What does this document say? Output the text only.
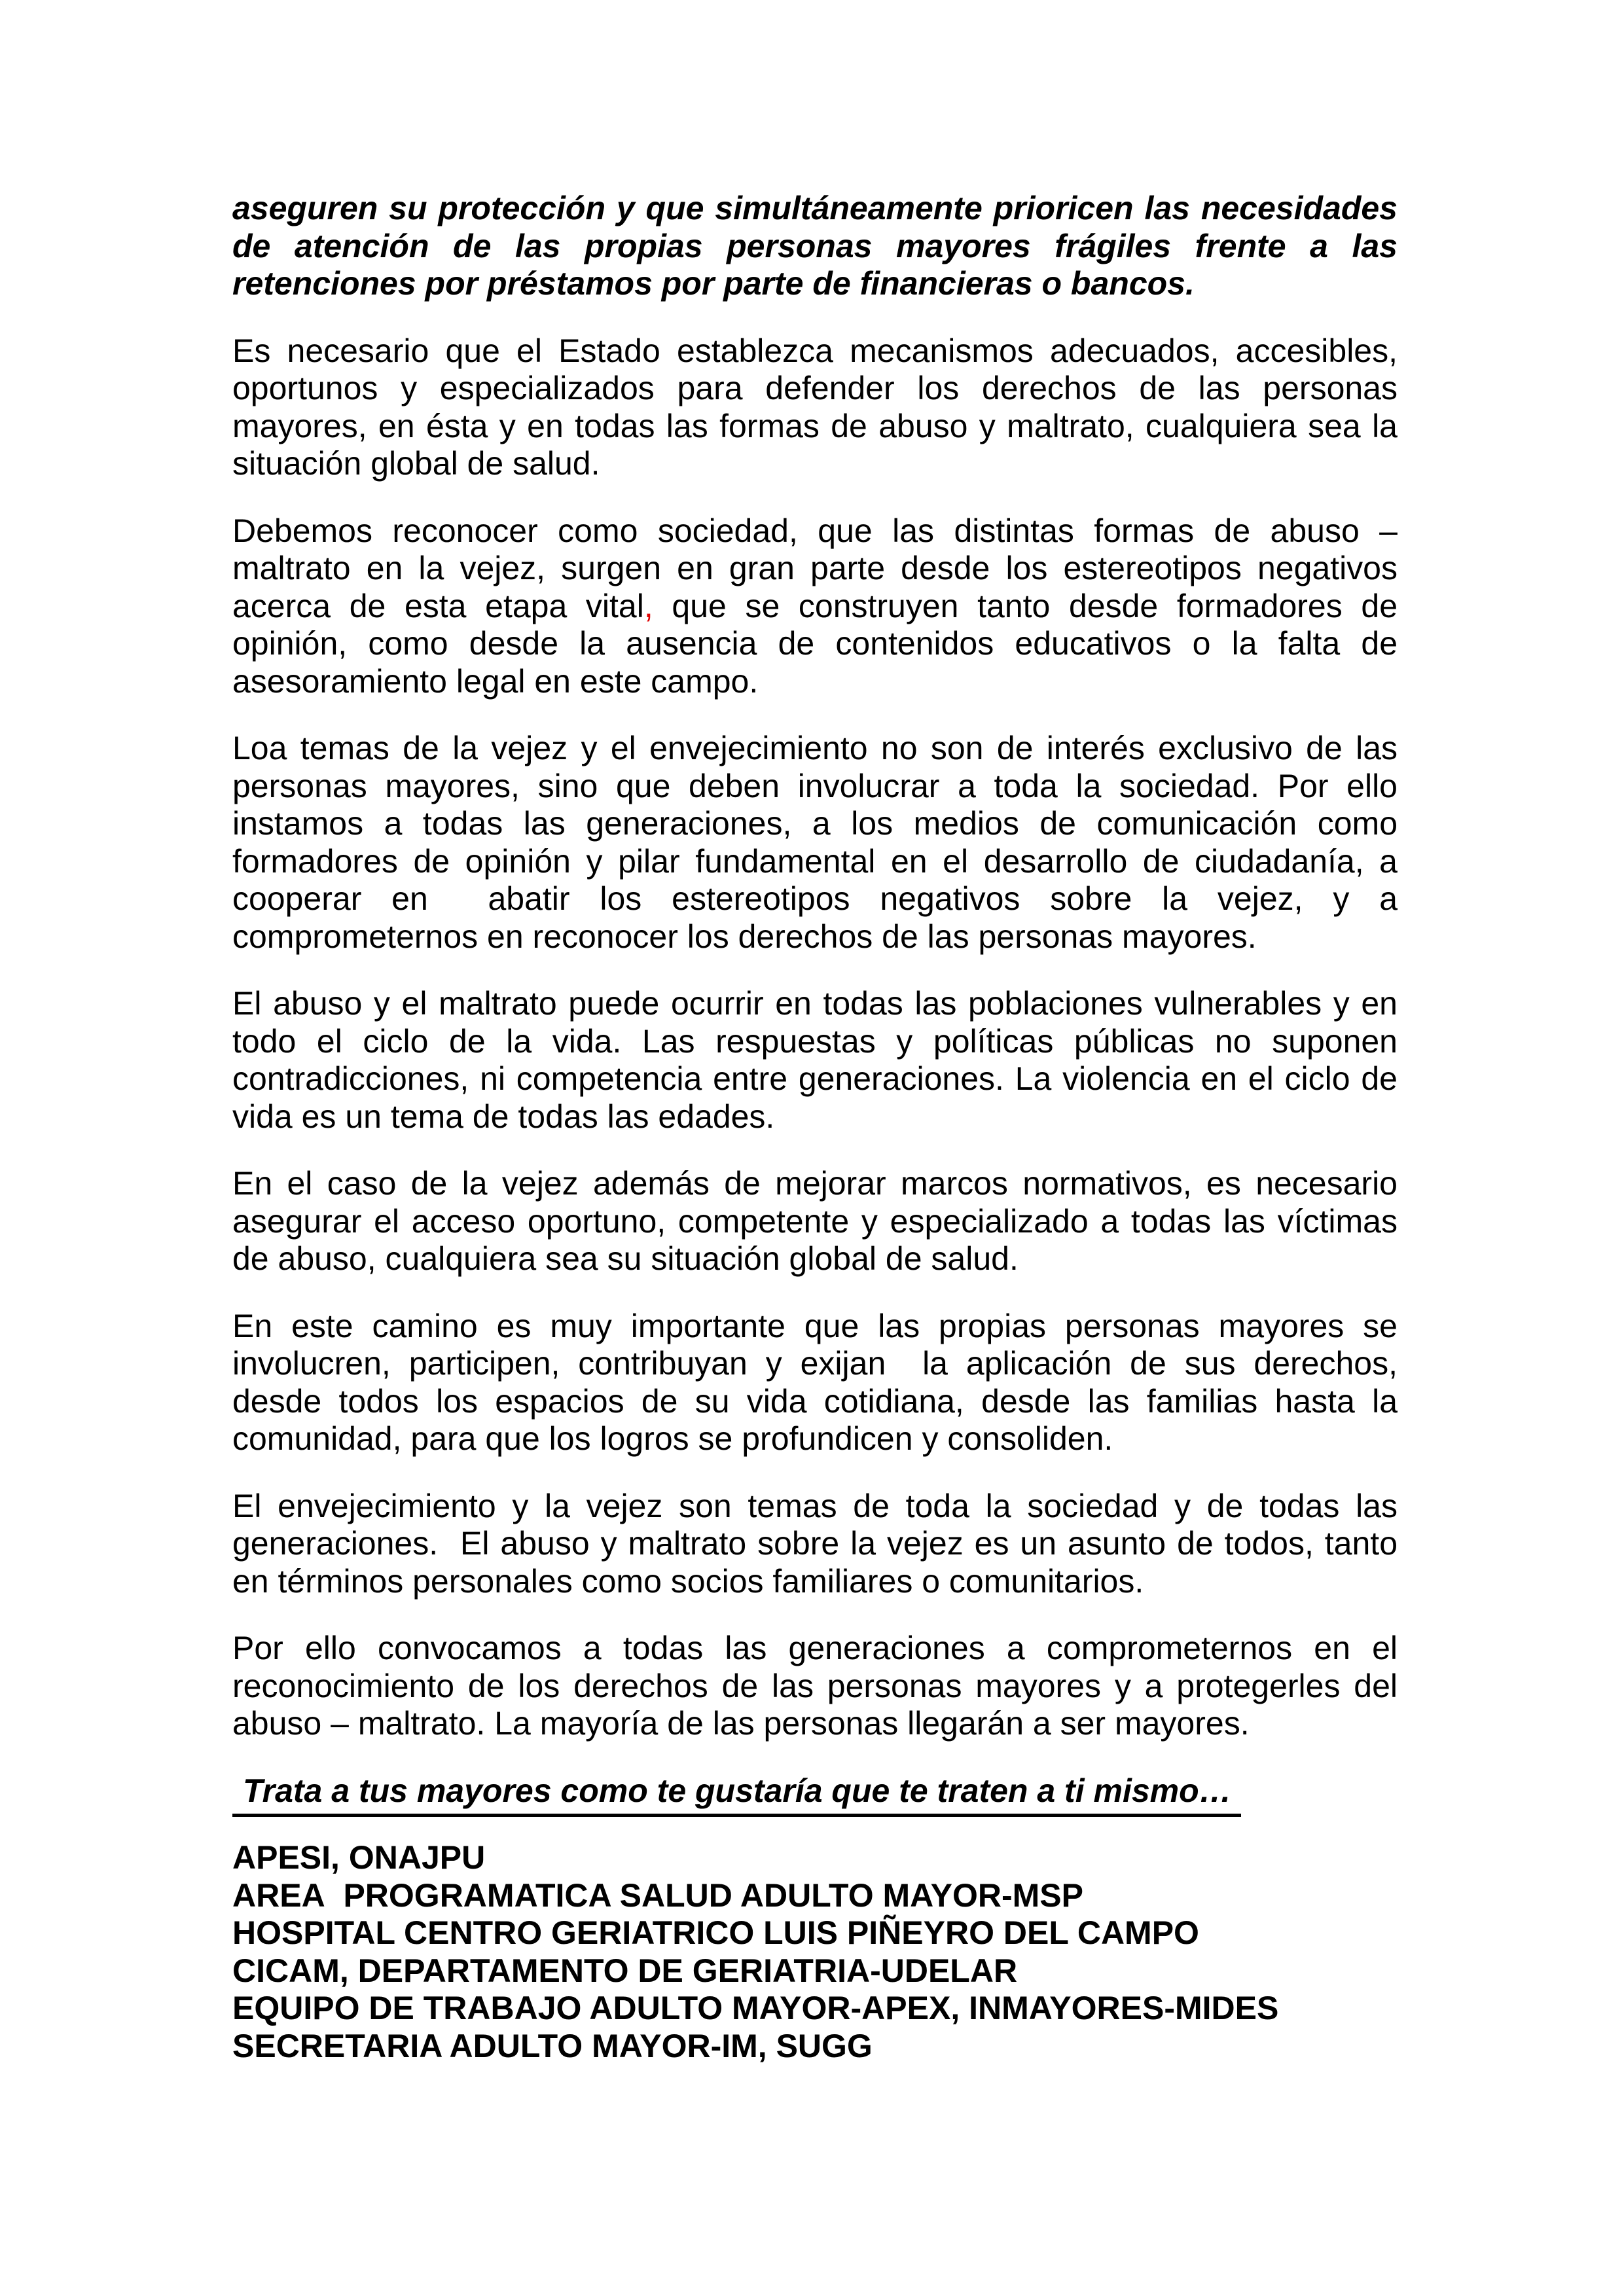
aseguren su protección y que simultáneamente prioricen las necesidades de atención de las propias personas mayores frágiles frente a las retenciones por préstamos por parte de financieras o bancos.

Es necesario que el Estado establezca mecanismos adecuados, accesibles, oportunos y especializados para defender los derechos de las personas mayores, en ésta y en todas las formas de abuso y maltrato, cualquiera sea la situación global de salud.

Debemos reconocer como sociedad, que las distintas formas de abuso – maltrato en la vejez, surgen en gran parte desde los estereotipos negativos acerca de esta etapa vital, que se construyen tanto desde formadores de opinión, como desde la ausencia de contenidos educativos o la falta de asesoramiento legal en este campo.

Loa temas de la vejez y el envejecimiento no son de interés exclusivo de las personas mayores, sino que deben involucrar a toda la sociedad. Por ello instamos a todas las generaciones, a los medios de comunicación como formadores de opinión y pilar fundamental en el desarrollo de ciudadanía, a cooperar en  abatir los estereotipos negativos sobre la vejez, y a comprometernos en reconocer los derechos de las personas mayores.

El abuso y el maltrato puede ocurrir en todas las poblaciones vulnerables y en todo el ciclo de la vida. Las respuestas y políticas públicas no suponen contradicciones, ni competencia entre generaciones. La violencia en el ciclo de vida es un tema de todas las edades.

En el caso de la vejez además de mejorar marcos normativos, es necesario asegurar el acceso oportuno, competente y especializado a todas las víctimas de abuso, cualquiera sea su situación global de salud.

En este camino es muy importante que las propias personas mayores se involucren, participen, contribuyan y exijan  la aplicación de sus derechos, desde todos los espacios de su vida cotidiana, desde las familias hasta la comunidad, para que los logros se profundicen y consoliden.

El envejecimiento y la vejez son temas de toda la sociedad y de todas las generaciones.  El abuso y maltrato sobre la vejez es un asunto de todos, tanto en términos personales como socios familiares o comunitarios.

Por ello convocamos a todas las generaciones a comprometernos en el reconocimiento de los derechos de las personas mayores y a protegerles del abuso – maltrato. La mayoría de las personas llegarán a ser mayores.

Trata a tus mayores como te gustaría que te traten a ti mismo…

APESI, ONAJPU
AREA  PROGRAMATICA SALUD ADULTO MAYOR-MSP
HOSPITAL CENTRO GERIATRICO LUIS PIÑEYRO DEL CAMPO
CICAM, DEPARTAMENTO DE GERIATRIA-UDELAR
EQUIPO DE TRABAJO ADULTO MAYOR-APEX, INMAYORES-MIDES
SECRETARIA ADULTO MAYOR-IM, SUGG
